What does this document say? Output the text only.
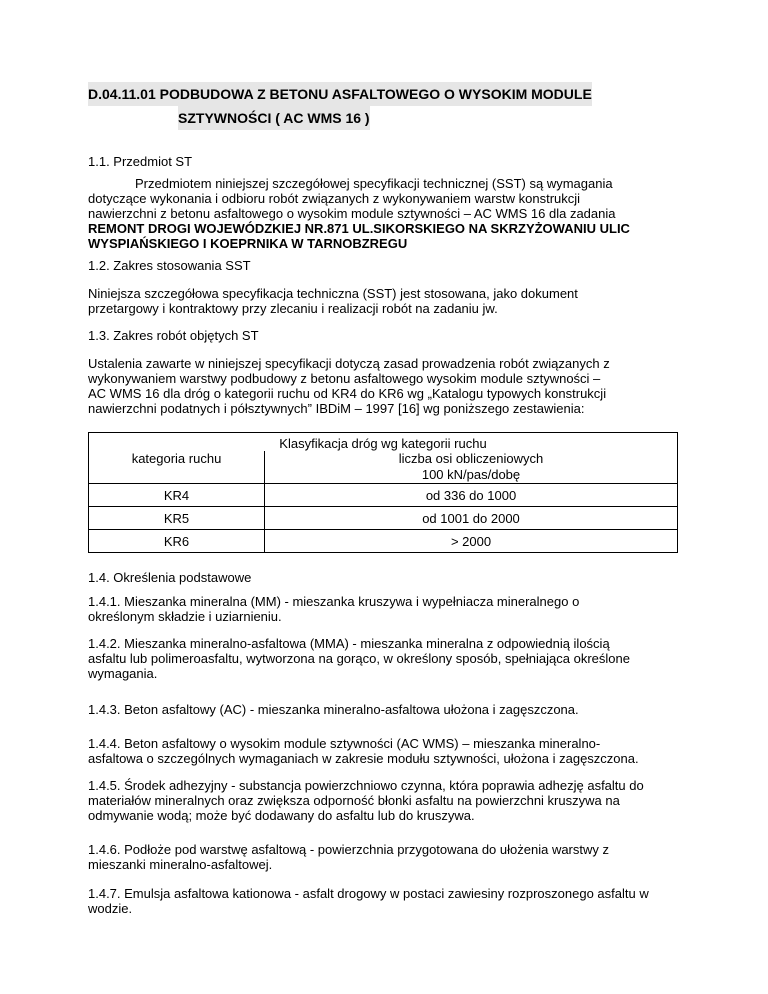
D.04.11.01 PODBUDOWA Z BETONU ASFALTOWEGO O WYSOKIM MODULE
SZTYWNOŚCI ( AC WMS 16 )
1.1. Przedmiot ST
Przedmiotem niniejszej szczegółowej specyfikacji technicznej (SST) są wymagania
dotyczące wykonania i odbioru robót związanych z wykonywaniem warstw konstrukcji
nawierzchni z betonu asfaltowego o wysokim module sztywności – AC WMS 16 dla zadania
REMONT DROGI WOJEWÓDZKIEJ NR.871 UL.SIKORSKIEGO NA SKRZYŻOWANIU ULIC
WYSPIAŃSKIEGO I KOEPRNIKA W TARNOBZREGU
1.2. Zakres stosowania SST
Niniejsza szczegółowa specyfikacja techniczna (SST) jest stosowana, jako dokument
przetargowy i kontraktowy przy zlecaniu i realizacji robót na zadaniu jw.
1.3. Zakres robót objętych ST
Ustalenia zawarte w niniejszej specyfikacji dotyczą zasad prowadzenia robót związanych z
wykonywaniem warstwy podbudowy z betonu asfaltowego wysokim module sztywności –
AC WMS 16 dla dróg o kategorii ruchu od KR4 do KR6 wg „Katalogu typowych konstrukcji
nawierzchni podatnych i półsztywnych” IBDiM – 1997 [16] wg poniższego zestawienia:
Klasyfikacja dróg wg kategorii ruchu	
kategoria ruchu	liczba osi obliczeniowych
100 kN/pas/dobę

KR4	od 336 do 1000
KR5	od 1001 do 2000
KR6	> 2000
1.4. Określenia podstawowe
1.4.1. Mieszanka mineralna (MM) - mieszanka kruszywa i wypełniacza mineralnego o
określonym składzie i uziarnieniu.
1.4.2. Mieszanka mineralno-asfaltowa (MMA) - mieszanka mineralna z odpowiednią ilością
asfaltu lub polimeroasfaltu, wytworzona na gorąco, w określony sposób, spełniająca określone
wymagania.
1.4.3. Beton asfaltowy (AC) - mieszanka mineralno-asfaltowa ułożona i zagęszczona.
1.4.4. Beton asfaltowy o wysokim module sztywności (AC WMS) – mieszanka mineralno-
asfaltowa o szczególnych wymaganiach w zakresie modułu sztywności, ułożona i zagęszczona.
1.4.5. Środek adhezyjny - substancja powierzchniowo czynna, która poprawia adhezję asfaltu do
materiałów mineralnych oraz zwiększa odporność błonki asfaltu na powierzchni kruszywa na
odmywanie wodą; może być dodawany do asfaltu lub do kruszywa.
1.4.6. Podłoże pod warstwę asfaltową - powierzchnia przygotowana do ułożenia warstwy z
mieszanki mineralno-asfaltowej.
1.4.7. Emulsja asfaltowa kationowa - asfalt drogowy w postaci zawiesiny rozproszonego asfaltu w
wodzie.
